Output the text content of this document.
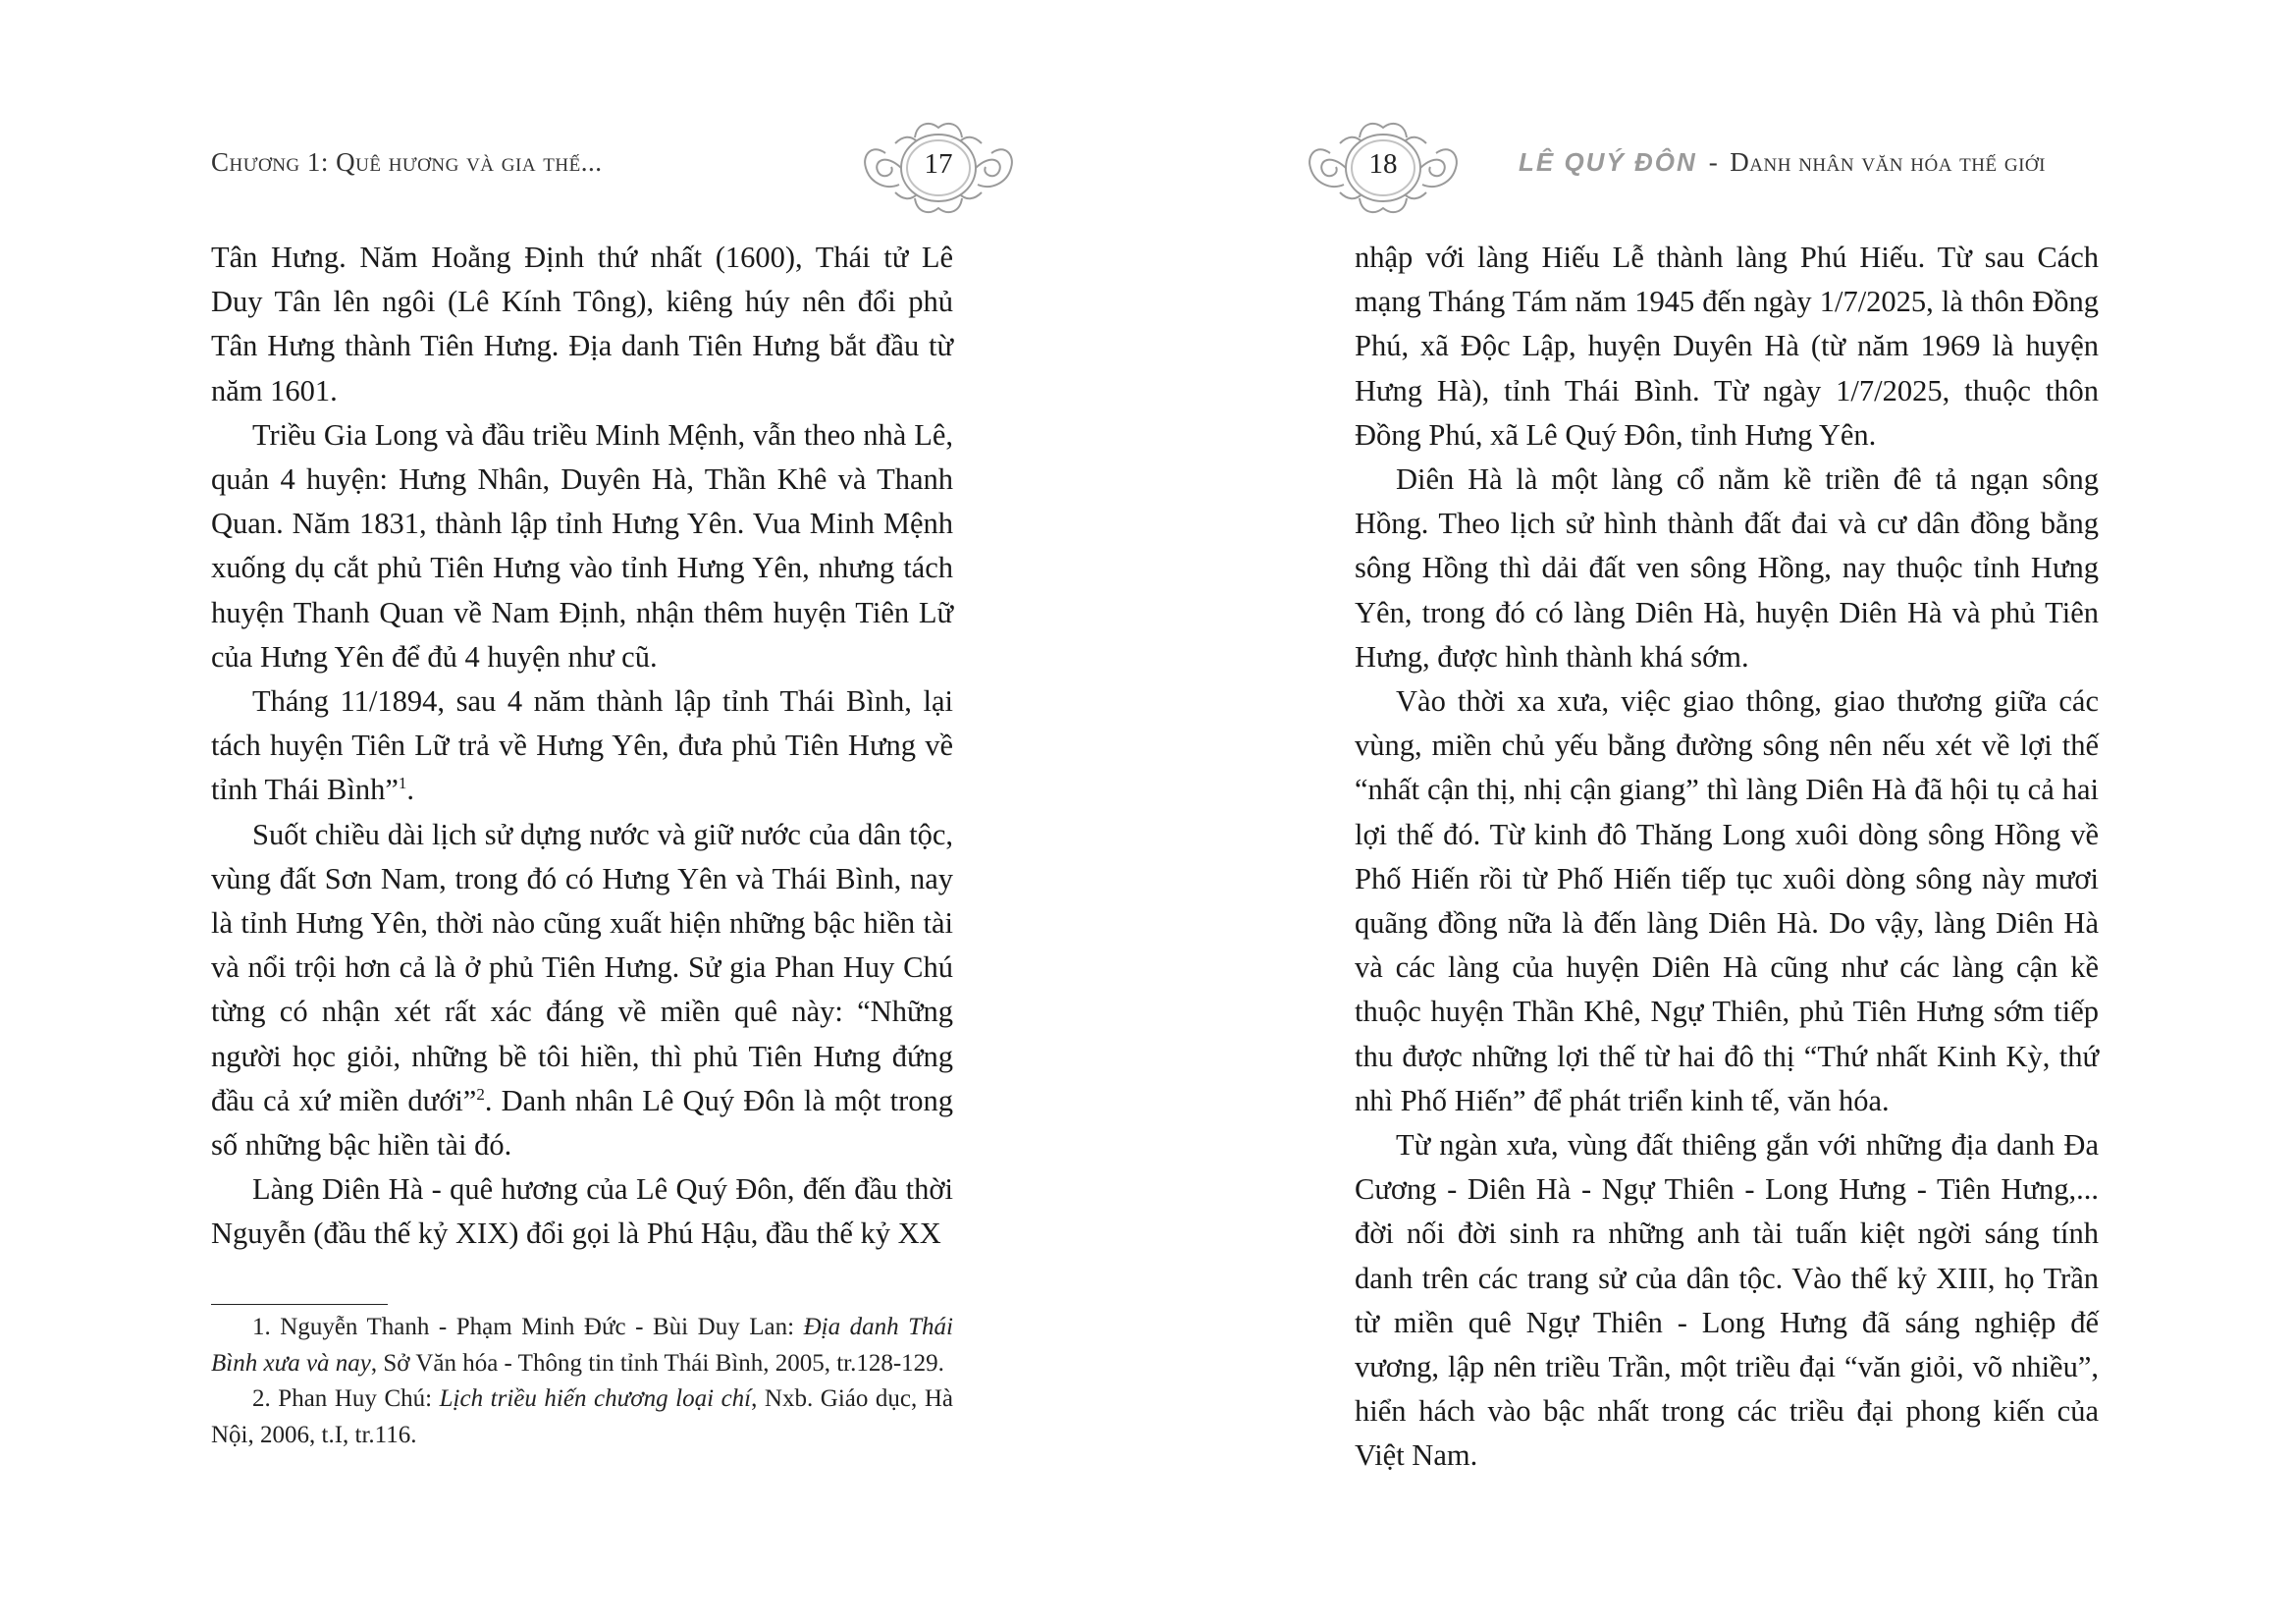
Chương 1: Quê hương và gia thế...	17

Tân Hưng. Năm Hoằng Định thứ nhất (1600), Thái tử Lê Duy Tân lên ngôi (Lê Kính Tông), kiêng húy nên đổi phủ Tân Hưng thành Tiên Hưng. Địa danh Tiên Hưng bắt đầu từ năm 1601.

Triều Gia Long và đầu triều Minh Mệnh, vẫn theo nhà Lê, quản 4 huyện: Hưng Nhân, Duyên Hà, Thần Khê và Thanh Quan. Năm 1831, thành lập tỉnh Hưng Yên. Vua Minh Mệnh xuống dụ cắt phủ Tiên Hưng vào tỉnh Hưng Yên, nhưng tách huyện Thanh Quan về Nam Định, nhận thêm huyện Tiên Lữ của Hưng Yên để đủ 4 huyện như cũ.

Tháng 11/1894, sau 4 năm thành lập tỉnh Thái Bình, lại tách huyện Tiên Lữ trả về Hưng Yên, đưa phủ Tiên Hưng về tỉnh Thái Bình”$^1$.

Suốt chiều dài lịch sử dựng nước và giữ nước của dân tộc, vùng đất Sơn Nam, trong đó có Hưng Yên và Thái Bình, nay là tỉnh Hưng Yên, thời nào cũng xuất hiện những bậc hiền tài và nổi trội hơn cả là ở phủ Tiên Hưng. Sử gia Phan Huy Chú từng có nhận xét rất xác đáng về miền quê này: “Những người học giỏi, những bề tôi hiền, thì phủ Tiên Hưng đứng đầu cả xứ miền dưới”$^2$. Danh nhân Lê Quý Đôn là một trong số những bậc hiền tài đó.

Làng Diên Hà - quê hương của Lê Quý Đôn, đến đầu thời Nguyễn (đầu thế kỷ XIX) đổi gọi là Phú Hậu, đầu thế kỷ XX

1. Nguyễn Thanh - Phạm Minh Đức - Bùi Duy Lan: Địa danh Thái Bình xưa và nay, Sở Văn hóa - Thông tin tỉnh Thái Bình, 2005, tr.128-129.

2. Phan Huy Chú: Lịch triều hiến chương loại chí, Nxb. Giáo dục, Hà Nội, 2006, t.I, tr.116.

18	LÊ QUÝ ĐÔN - Danh nhân văn hóa thế giới

nhập với làng Hiếu Lễ thành làng Phú Hiếu. Từ sau Cách mạng Tháng Tám năm 1945 đến ngày 1/7/2025, là thôn Đồng Phú, xã Độc Lập, huyện Duyên Hà (từ năm 1969 là huyện Hưng Hà), tỉnh Thái Bình. Từ ngày 1/7/2025, thuộc thôn Đồng Phú, xã Lê Quý Đôn, tỉnh Hưng Yên.

Diên Hà là một làng cổ nằm kề triền đê tả ngạn sông Hồng. Theo lịch sử hình thành đất đai và cư dân đồng bằng sông Hồng thì dải đất ven sông Hồng, nay thuộc tỉnh Hưng Yên, trong đó có làng Diên Hà, huyện Diên Hà và phủ Tiên Hưng, được hình thành khá sớm.

Vào thời xa xưa, việc giao thông, giao thương giữa các vùng, miền chủ yếu bằng đường sông nên nếu xét về lợi thế “nhất cận thị, nhị cận giang” thì làng Diên Hà đã hội tụ cả hai lợi thế đó. Từ kinh đô Thăng Long xuôi dòng sông Hồng về Phố Hiến rồi từ Phố Hiến tiếp tục xuôi dòng sông này mươi quãng đồng nữa là đến làng Diên Hà. Do vậy, làng Diên Hà và các làng của huyện Diên Hà cũng như các làng cận kề thuộc huyện Thần Khê, Ngự Thiên, phủ Tiên Hưng sớm tiếp thu được những lợi thế từ hai đô thị “Thứ nhất Kinh Kỳ, thứ nhì Phố Hiến” để phát triển kinh tế, văn hóa.

Từ ngàn xưa, vùng đất thiêng gắn với những địa danh Đa Cương - Diên Hà - Ngự Thiên - Long Hưng - Tiên Hưng,... đời nối đời sinh ra những anh tài tuấn kiệt ngời sáng tính danh trên các trang sử của dân tộc. Vào thế kỷ XIII, họ Trần từ miền quê Ngự Thiên - Long Hưng đã sáng nghiệp đế vương, lập nên triều Trần, một triều đại “văn giỏi, võ nhiều”, hiển hách vào bậc nhất trong các triều đại phong kiến của Việt Nam.
